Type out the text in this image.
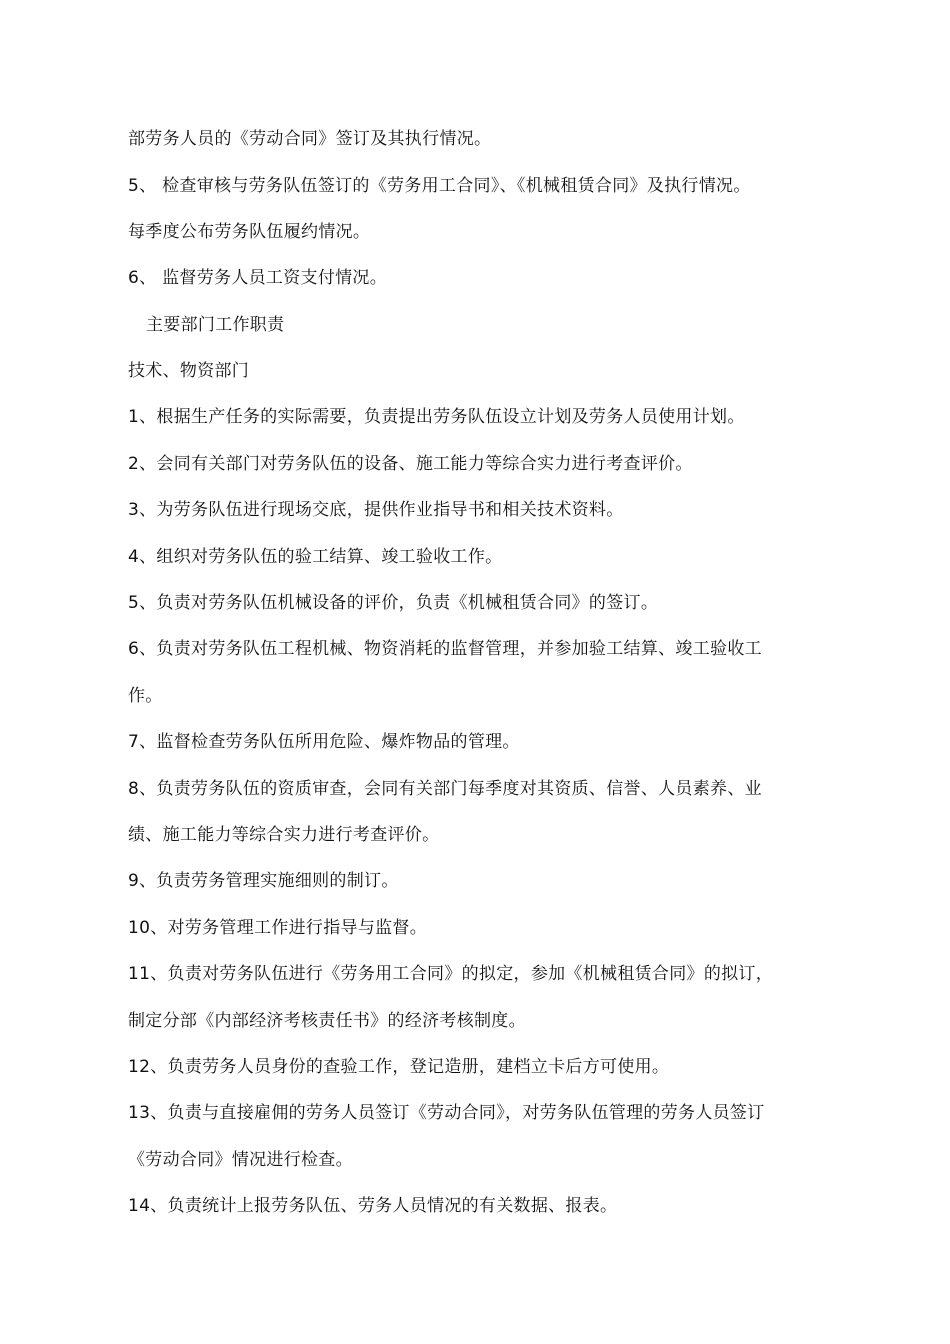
部劳务人员的《劳动合同》签订及其执行情况。
5、 检查审核与劳务队伍签订的《劳务用工合同》、《机械租赁合同》及执行情况。
每季度公布劳务队伍履约情况。
6、 监督劳务人员工资支付情况。
主要部门工作职责
技术、物资部门
1、根据生产任务的实际需要，负责提出劳务队伍设立计划及劳务人员使用计划。
2、会同有关部门对劳务队伍的设备、施工能力等综合实力进行考查评价。
3、为劳务队伍进行现场交底，提供作业指导书和相关技术资料。
4、组织对劳务队伍的验工结算、竣工验收工作。
5、负责对劳务队伍机械设备的评价，负责《机械租赁合同》的签订。
6、负责对劳务队伍工程机械、物资消耗的监督管理，并参加验工结算、竣工验收工
作。
7、监督检查劳务队伍所用危险、爆炸物品的管理。
8、负责劳务队伍的资质审查，会同有关部门每季度对其资质、信誉、人员素养、业
绩、施工能力等综合实力进行考查评价。
9、负责劳务管理实施细则的制订。
10、对劳务管理工作进行指导与监督。
11、负责对劳务队伍进行《劳务用工合同》的拟定，参加《机械租赁合同》的拟订，
制定分部《内部经济考核责任书》的经济考核制度。
12、负责劳务人员身份的查验工作，登记造册，建档立卡后方可使用。
13、负责与直接雇佣的劳务人员签订《劳动合同》，对劳务队伍管理的劳务人员签订
《劳动合同》情况进行检查。
14、负责统计上报劳务队伍、劳务人员情况的有关数据、报表。
